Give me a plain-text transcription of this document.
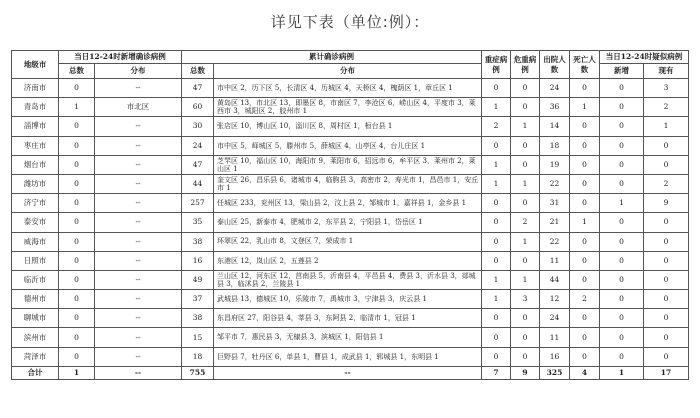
详见下表（单位:例）：
地级市	当日12-24时新增确诊病例		累计确诊病例		重症病例	危重病例	出院人数	死亡人数	当日12-24时疑似病例	
	总数	分布	总数	分布					新增	现有
济南市	0	--	47	市中区 2，历下区 5，长清区 4，历城区 4，天桥区 4，槐荫区 1，章丘区 1	0	0	24	0	0	3
青岛市	1	市北区	60	黄岛区 13，市北区 13，即墨区 8，市南区 7，李沧区 6，崂山区 4，平度市 3，莱西市 3，城阳区 2，胶州市 1	1	0	36	1	0	2
淄博市	0	--	30	张店区 10，博山区 10，淄川区 8，周村区 1，桓台县 1	2	1	14	0	0	1
枣庄市	0	--	24	市中区 5，峄城区 5，滕州市 5，薛城区 4，山亭区 4，台儿庄区 1	0	0	18	0	0	0
烟台市	0	--	47	芝罘区 10，福山区 10，海阳市 9，莱阳市 6，招远市 6，牟平区 3，莱州市 2，莱山区 1	1	0	19	0	0	0
潍坊市	0	--	44	奎文区 26，昌乐县 6，诸城市 4，临朐县 3，高密市 2，寿光市 1，昌邑市 1，安丘市 1	1	1	22	0	0	2
济宁市	0	--	257	任城区 233，兖州区 13，梁山县 2，汶上县 2，邹城市 1，嘉祥县 1，金乡县 1	0	0	31	0	1	9
泰安市	0	--	35	泰山区 25，新泰市 4，肥城市 2，东平县 2，宁阳县 1，岱岳区 1	0	2	21	1	0	0
威海市	0	--	38	环翠区 22，乳山市 8，文登区 7，荣成市 1	0	1	22	0	0	0
日照市	0	--	16	东港区 12，岚山区 2，五莲县 2	0	0	11	0	0	0
临沂市	0	--	49	兰山区 12，河东区 12，莒南县 5，沂南县 4，平邑县 4，费县 3，沂水县 3，郯城县 3，临沭县 2，兰陵县 1	1	1	44	0	0	0
德州市	0	--	37	武城县 13，德城区 10，乐陵市 7，禹城市 3，宁津县 3，庆云县 1	1	3	12	2	0	0
聊城市	0	--	38	东昌府区 27，阳谷县 4，莘县 3，东阿县 2，临清市 1，冠县 1	0	0	24	0	0	0
滨州市	0	--	15	邹平市 7，惠民县 3，无棣县 3，滨城区 1，阳信县 1	0	0	11	0	0	0
菏泽市	0	--	18	巨野县 7，牡丹区 6，单县 1，曹县 1，成武县 1，郓城县 1，东明县 1	0	0	16	0	0	0
合计	1	--	755	--	7	9	325	4	1	17
